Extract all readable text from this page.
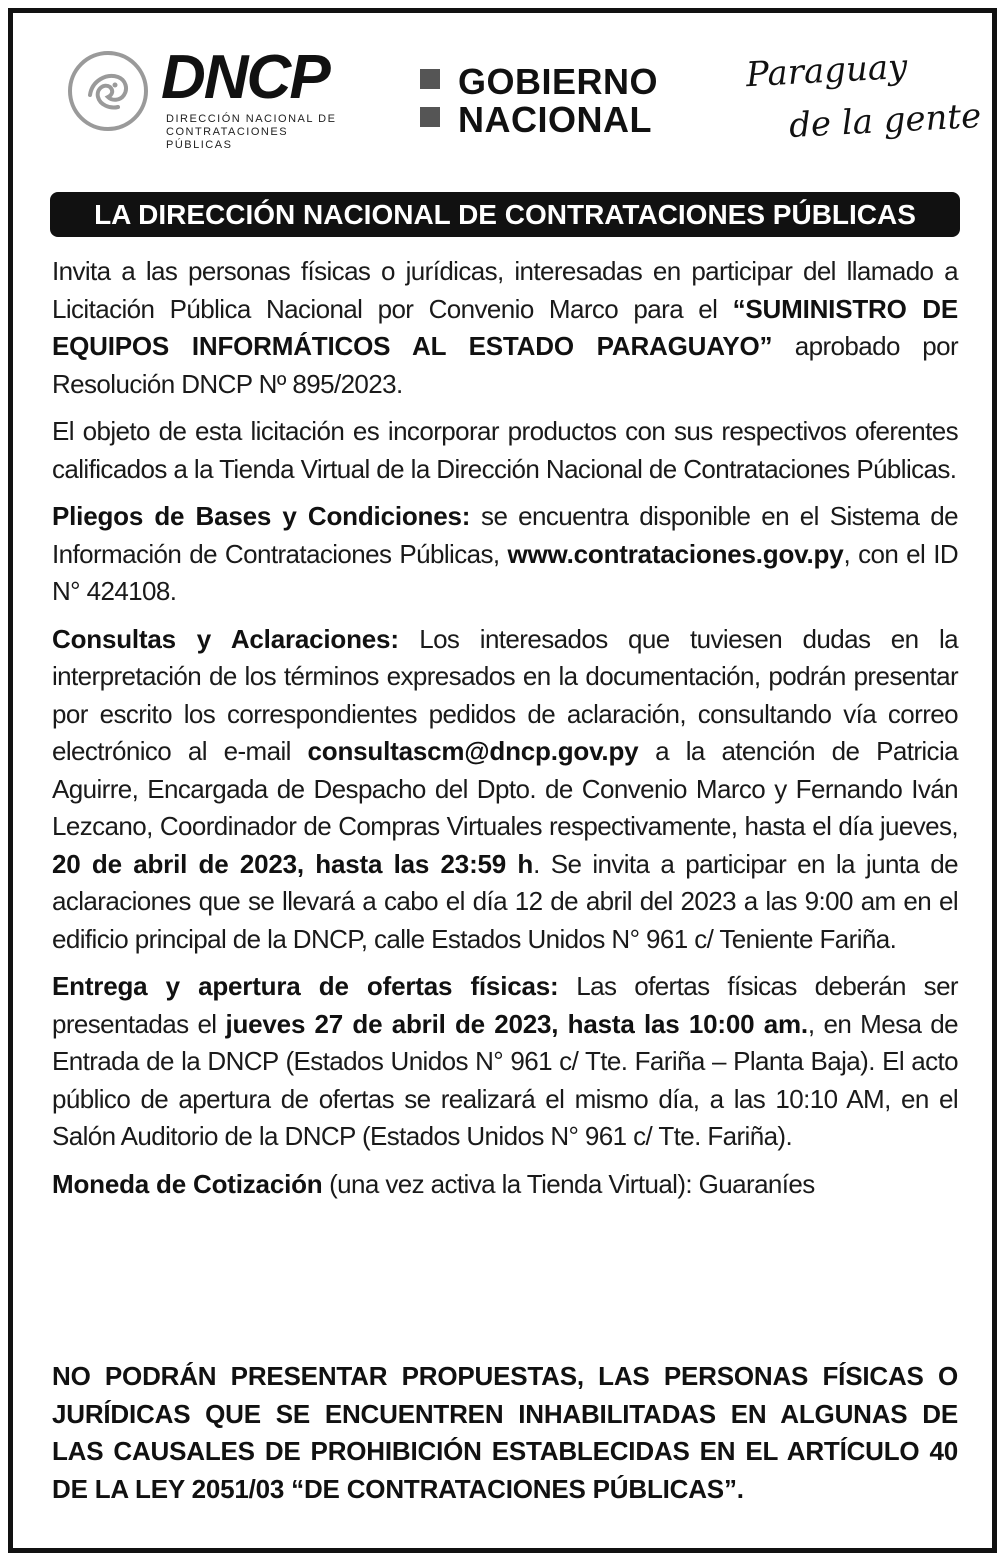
DNCP
DIRECCIÓN NACIONAL DE
CONTRATACIONES PÚBLICAS
GOBIERNO
NACIONAL
Paraguay
de la gente
LA DIRECCIÓN NACIONAL DE CONTRATACIONES PÚBLICAS

Invita a las personas físicas o jurídicas, interesadas en participar del llamado a Licitación Pública Nacional por Convenio Marco para el “SUMINISTRO DE EQUIPOS INFORMÁTICOS AL ESTADO PARAGUAYO” aprobado por Resolución DNCP Nº 895/2023.

El objeto de esta licitación es incorporar productos con sus respectivos oferentes calificados a la Tienda Virtual de la Dirección Nacional de Contrataciones Públicas.

Pliegos de Bases y Condiciones: se encuentra disponible en el Sistema de Información de Contrataciones Públicas, www.contrataciones.gov.py, con el ID N° 424108.

Consultas y Aclaraciones: Los interesados que tuviesen dudas en la interpretación de los términos expresados en la documentación, podrán presentar por escrito los correspondientes pedidos de aclaración, consultando vía correo electrónico al e-mail consultascm@dncp.gov.py a la atención de Patricia Aguirre, Encargada de Despacho del Dpto. de Convenio Marco y Fernando Iván Lezcano, Coordinador de Compras Virtuales respectivamente, hasta el día jueves, 20 de abril de 2023, hasta las 23:59 h. Se invita a participar en la junta de aclaraciones que se llevará a cabo el día 12 de abril del 2023 a las 9:00 am en el edificio principal de la DNCP, calle Estados Unidos N° 961 c/ Teniente Fariña.

Entrega y apertura de ofertas físicas: Las ofertas físicas deberán ser presentadas el jueves 27 de abril de 2023, hasta las 10:00 am., en Mesa de Entrada de la DNCP (Estados Unidos N° 961 c/ Tte. Fariña – Planta Baja). El acto público de apertura de ofertas se realizará el mismo día, a las 10:10 AM, en el Salón Auditorio de la DNCP (Estados Unidos N° 961 c/ Tte. Fariña).

Moneda de Cotización (una vez activa la Tienda Virtual): Guaraníes

NO PODRÁN PRESENTAR PROPUESTAS, LAS PERSONAS FÍSICAS O JURÍDICAS QUE SE ENCUENTREN INHABILITADAS EN ALGUNAS DE LAS CAUSALES DE PROHIBICIÓN ESTABLECIDAS EN EL ARTÍCULO 40 DE LA LEY 2051/03 “DE CONTRATACIONES PÚBLICAS”.
